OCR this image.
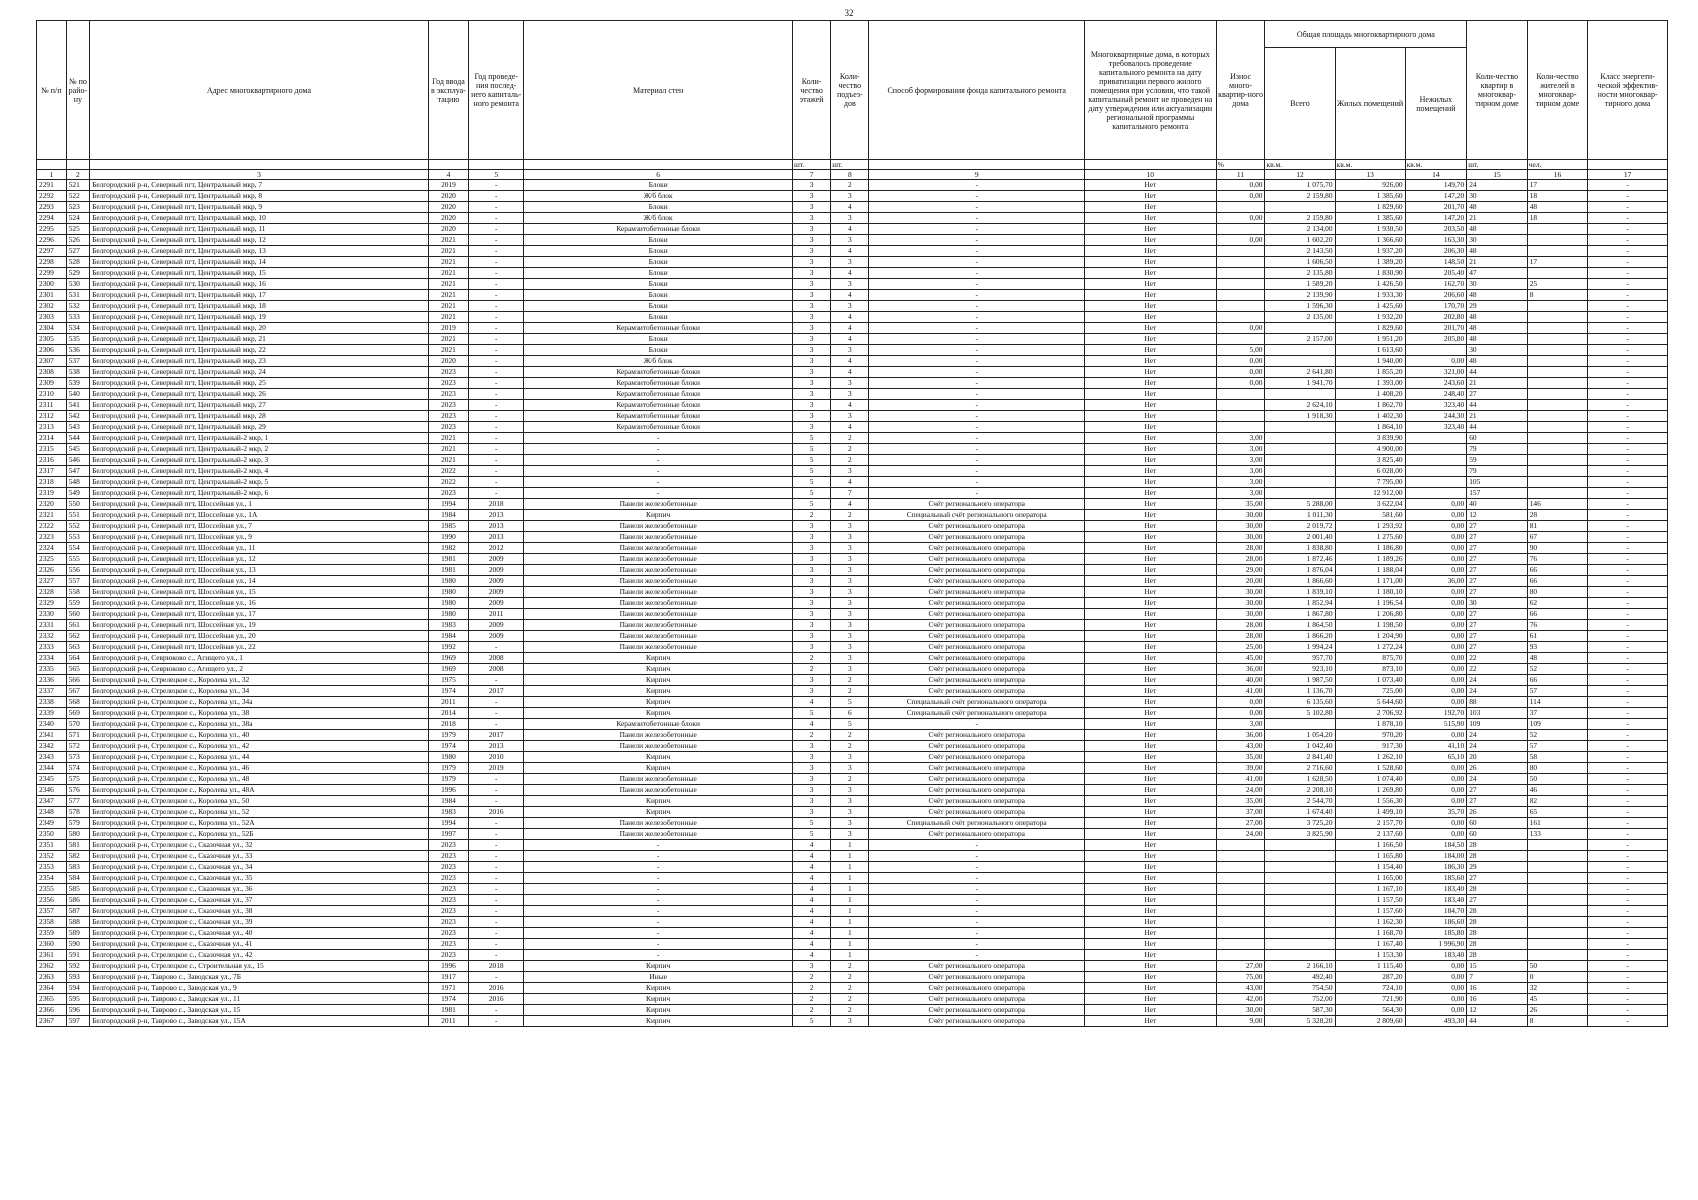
32
№ п/п	№ по райо-ну	Адрес многоквартирного дома	Год ввода в эксплуа-тацию	Год проведе-ния послед-него капиталь-ного ремонта	Материал стен	Коли-чество этажей	Коли-чество подъез-дов	Способ формирования фонда капитального ремонта	Многоквартирные дома, в которых требовалось проведение капитального ремонта на дату приватизации первого жилого помещения при условии, что такой капитальный ремонт не проведен на дату утверждения или актуализации региональной программы капитального ремонта	Износ много-квартир-ного дома	Общая площадь многоквартирного дома			Коли-чество квартир в многоквар-тирном доме	Коли-чество жителей в многоквар-тирном доме	Класс энергети-ческой эффектив-ности многоквар-тирного дома
											Всего	Жилых помещений	Нежилых помещений			
						шт.	шт.			%	кв.м.	кв.м.	кв.м.	шт.	чел.	
1	2	3	4	5	6	7	8	9	10	11	12	13	14	15	16	17
2291	521	Белгородский р-н, Северный пгт, Центральный мкр, 7	2019	-	Блоки	3	2	-	Нет	0,00	1 075,70	926,00	149,70	24	17	-
2292	522	Белгородский р-н, Северный пгт, Центральный мкр, 8	2020	-	Ж/б блок	3	3	-	Нет	0,00	2 159,80	1 385,60	147,20	30	18	-
2293	523	Белгородский р-н, Северный пгт, Центральный мкр, 9	2020	-	Блоки	3	4	-	Нет			1 829,60	201,70	48	48	-
2294	524	Белгородский р-н, Северный пгт, Центральный мкр, 10	2020	-	Ж/б блок	3	3	-	Нет	0,00	2 159,80	1 385,60	147,20	21	18	-
2295	525	Белгородский р-н, Северный пгт, Центральный мкр, 11	2020	-	Керамзитобетонные блоки	3	4	-	Нет		2 134,00	1 930,50	203,50	48		-
2296	526	Белгородский р-н, Северный пгт, Центральный мкр, 12	2021	-	Блоки	3	3	-	Нет	0,00	1 602,20	1 366,60	163,30	30		-
2297	527	Белгородский р-н, Северный пгт, Центральный мкр, 13	2021	-	Блоки	3	4	-	Нет		2 143,50	1 937,20	206,30	48		-
2298	528	Белгородский р-н, Северный пгт, Центральный мкр, 14	2021	-	Блоки	3	3	-	Нет		1 606,50	1 389,20	148,50	21	17	-
2299	529	Белгородский р-н, Северный пгт, Центральный мкр, 15	2021	-	Блоки	3	4	-	Нет		2 135,80	1 830,90	205,40	47		-
2300	530	Белгородский р-н, Северный пгт, Центральный мкр, 16	2021	-	Блоки	3	3	-	Нет		1 589,20	1 426,50	162,70	30	25	-
2301	531	Белгородский р-н, Северный пгт, Центральный мкр, 17	2021	-	Блоки	3	4	-	Нет		2 139,90	1 933,30	206,60	48	8	-
2302	532	Белгородский р-н, Северный пгт, Центральный мкр, 18	2021	-	Блоки	3	3	-	Нет		1 596,30	1 425,60	170,70	29		-
2303	533	Белгородский р-н, Северный пгт, Центральный мкр, 19	2021	-	Блоки	3	4	-	Нет		2 135,00	1 932,20	202,80	48		-
2304	534	Белгородский р-н, Северный пгт, Центральный мкр, 20	2019	-	Керамзитобетонные блоки	3	4	-	Нет	0,00		1 829,60	201,70	48		-
2305	535	Белгородский р-н, Северный пгт, Центральный мкр, 21	2021	-	Блоки	3	4	-	Нет		2 157,00	1 951,20	205,80	48		-
2306	536	Белгородский р-н, Северный пгт, Центральный мкр, 22	2021	-	Блоки	3	3	-	Нет	5,00		1 613,60		30		-
2307	537	Белгородский р-н, Северный пгт, Центральный мкр, 23	2020	-	Ж/б блок	3	4	-	Нет	0,00		1 940,00	0,00	48		-
2308	538	Белгородский р-н, Северный пгт, Центральный мкр, 24	2023	-	Керамзитобетонные блоки	3	4	-	Нет	0,00	2 641,80	1 855,20	321,00	44		-
2309	539	Белгородский р-н, Северный пгт, Центральный мкр, 25	2023	-	Керамзитобетонные блоки	3	3	-	Нет	0,00	1 941,70	1 393,00	243,60	21		-
2310	540	Белгородский р-н, Северный пгт, Центральный мкр, 26	2023	-	Керамзитобетонные блоки	3	3	-	Нет			1 408,20	248,40	27		-
2311	541	Белгородский р-н, Северный пгт, Центральный мкр, 27	2023	-	Керамзитобетонные блоки	3	4	-	Нет		2 624,10	1 862,70	323,40	44		-
2312	542	Белгородский р-н, Северный пгт, Центральный мкр, 28	2023	-	Керамзитобетонные блоки	3	3	-	Нет		1 918,30	1 402,30	244,30	21		-
2313	543	Белгородский р-н, Северный пгт, Центральный мкр, 29	2023	-	Керамзитобетонные блоки	3	4	-	Нет			1 864,10	323,40	44		-
2314	544	Белгородский р-н, Северный пгт, Центральный-2 мкр, 1	2021	-	-	5	2	-	Нет	3,00		3 839,90		60		-
2315	545	Белгородский р-н, Северный пгт, Центральный-2 мкр, 2	2021	-	-	5	2	-	Нет	3,00		4 900,00		79		-
2316	546	Белгородский р-н, Северный пгт, Центральный-2 мкр, 3	2021	-	-	5	2	-	Нет	3,00		3 825,40		59		-
2317	547	Белгородский р-н, Северный пгт, Центральный-2 мкр, 4	2022	-	-	5	3	-	Нет	3,00		6 028,00		79		-
2318	548	Белгородский р-н, Северный пгт, Центральный-2 мкр, 5	2022	-	-	5	4	-	Нет	3,00		7 795,00		105		-
2319	549	Белгородский р-н, Северный пгт, Центральный-2 мкр, 6	2023	-	-	5	7	-	Нет	3,00		12 912,00		157		-
2320	550	Белгородский р-н, Северный пгт, Шоссейная ул., 1	1994	2018	Панели железобетонные	5	4	Счёт регионального оператора	Нет	35,00	5 288,00	3 622,04	0,00	40	146	-
2321	551	Белгородский р-н, Северный пгт, Шоссейная ул., 1А	1984	2013	Кирпич	2	2	Специальный счёт регионального оператора	Нет	30,00	1 011,30	581,60	0,00	12	28	-
2322	552	Белгородский р-н, Северный пгт, Шоссейная ул., 7	1985	2013	Панели железобетонные	3	3	Счёт регионального оператора	Нет	30,00	2 019,72	1 293,92	0,00	27	81	-
2323	553	Белгородский р-н, Северный пгт, Шоссейная ул., 9	1990	2013	Панели железобетонные	3	3	Счёт регионального оператора	Нет	30,00	2 001,40	1 275,60	0,00	27	67	-
2324	554	Белгородский р-н, Северный пгт, Шоссейная ул., 11	1982	2012	Панели железобетонные	3	3	Счёт регионального оператора	Нет	28,00	1 838,80	1 186,80	0,00	27	90	-
2325	555	Белгородский р-н, Северный пгт, Шоссейная ул., 12	1981	2009	Панели железобетонные	3	3	Счёт регионального оператора	Нет	28,00	1 872,46	1 189,26	0,00	27	76	-
2326	556	Белгородский р-н, Северный пгт, Шоссейная ул., 13	1981	2009	Панели железобетонные	3	3	Счёт регионального оператора	Нет	29,00	1 876,04	1 188,04	0,00	27	66	-
2327	557	Белгородский р-н, Северный пгт, Шоссейная ул., 14	1980	2009	Панели железобетонные	3	3	Счёт регионального оператора	Нет	20,00	1 866,60	1 171,00	36,00	27	66	-
2328	558	Белгородский р-н, Северный пгт, Шоссейная ул., 15	1980	2009	Панели железобетонные	3	3	Счёт регионального оператора	Нет	30,00	1 839,10	1 180,10	0,00	27	80	-
2329	559	Белгородский р-н, Северный пгт, Шоссейная ул., 16	1980	2009	Панели железобетонные	3	3	Счёт регионального оператора	Нет	30,00	1 852,94	1 196,54	0,00	30	62	-
2330	560	Белгородский р-н, Северный пгт, Шоссейная ул., 17	1980	2011	Панели железобетонные	3	3	Счёт регионального оператора	Нет	30,00	1 867,80	1 206,80	0,00	27	66	-
2331	561	Белгородский р-н, Северный пгт, Шоссейная ул., 19	1983	2009	Панели железобетонные	3	3	Счёт регионального оператора	Нет	28,00	1 864,50	1 198,50	0,00	27	76	-
2332	562	Белгородский р-н, Северный пгт, Шоссейная ул., 20	1984	2009	Панели железобетонные	3	3	Счёт регионального оператора	Нет	28,00	1 866,20	1 204,90	0,00	27	61	-
2333	563	Белгородский р-н, Северный пгт, Шоссейная ул., 22	1992	-	Панели железобетонные	3	3	Счёт регионального оператора	Нет	25,00	1 994,24	1 272,24	0,00	27	93	-
2334	564	Белгородский р-н, Севрюково с., Агищего ул., 1	1969	2008	Кирпич	2	3	Счёт регионального оператора	Нет	45,00	957,70	875,70	0,00	22	48	-
2335	565	Белгородский р-н, Севрюково с., Агищего ул., 2	1969	2008	Кирпич	2	3	Счёт регионального оператора	Нет	36,00	923,10	873,10	0,00	22	52	-
2336	566	Белгородский р-н, Стрелецкое с., Королева ул., 32	1975	-	Кирпич	3	2	Счёт регионального оператора	Нет	40,00	1 987,50	1 073,40	0,00	24	66	-
2337	567	Белгородский р-н, Стрелецкое с., Королева ул., 34	1974	2017	Кирпич	3	2	Счёт регионального оператора	Нет	41,00	1 136,70	725,00	0,00	24	57	-
2338	568	Белгородский р-н, Стрелецкое с., Королева ул., 34а	2011	-	Кирпич	4	5	Специальный счёт регионального оператора	Нет	0,00	6 135,60	5 644,60	0,00	88	114	-
2339	569	Белгородский р-н, Стрелецкое с., Королева ул., 38	2014	-	Кирпич	5	6	Специальный счёт регионального оператора	Нет	0,00	5 102,80	2 706,92	192,70	103	37	-
2340	570	Белгородский р-н, Стрелецкое с., Королева ул., 38а	2018	-	Керамзитобетонные блоки	4	5	-	Нет	3,00		1 878,10	515,90	109	109	-
2341	571	Белгородский р-н, Стрелецкое с., Королева ул., 40	1979	2017	Панели железобетонные	2	2	Счёт регионального оператора	Нет	36,00	1 054,20	970,20	0,00	24	52	-
2342	572	Белгородский р-н, Стрелецкое с., Королева ул., 42	1974	2013	Панели железобетонные	3	2	Счёт регионального оператора	Нет	43,00	1 042,40	917,30	41,10	24	57	-
2343	573	Белгородский р-н, Стрелецкое с., Королева ул., 44	1980	2010	Кирпич	3	3	Счёт регионального оператора	Нет	35,00	2 841,40	1 262,10	65,10	20	58	-
2344	574	Белгородский р-н, Стрелецкое с., Королева ул., 46	1979	2019	Кирпич	3	3	Счёт регионального оператора	Нет	39,00	2 716,60	1 528,60	0,00	26	80	-
2345	575	Белгородский р-н, Стрелецкое с., Королева ул., 48	1979	-	Панели железобетонные	3	2	Счёт регионального оператора	Нет	41,00	1 628,50	1 074,40	0,00	24	50	-
2346	576	Белгородский р-н, Стрелецкое с., Королева ул., 48А	1996	-	Панели железобетонные	3	3	Счёт регионального оператора	Нет	24,00	2 208,10	1 269,80	0,00	27	46	-
2347	577	Белгородский р-н, Стрелецкое с., Королева ул., 50	1984	-	Кирпич	3	3	Счёт регионального оператора	Нет	35,00	2 544,70	1 556,30	0,00	27	82	-
2348	578	Белгородский р-н, Стрелецкое с., Королева ул., 52	1983	2016	Кирпич	3	3	Счёт регионального оператора	Нет	37,00	1 674,40	1 499,10	35,70	26	65	-
2349	579	Белгородский р-н, Стрелецкое с., Королева ул., 52А	1994	-	Панели железобетонные	5	3	Специальный счёт регионального оператора	Нет	27,00	3 725,20	2 157,70	0,00	60	161	-
2350	580	Белгородский р-н, Стрелецкое с., Королева ул., 52Б	1997	-	Панели железобетонные	5	3	Счёт регионального оператора	Нет	24,00	3 825,90	2 137,60	0,00	60	133	-
2351	581	Белгородский р-н, Стрелецкое с., Сказочная ул., 32	2023	-	-	4	1	-	Нет			1 166,50	184,50	28		-
2352	582	Белгородский р-н, Стрелецкое с., Сказочная ул., 33	2023	-	-	4	1	-	Нет			1 165,80	184,00	28		-
2353	583	Белгородский р-н, Стрелецкое с., Сказочная ул., 34	2023	-	-	4	1	-	Нет			1 154,40	186,30	29		-
2354	584	Белгородский р-н, Стрелецкое с., Сказочная ул., 35	2023	-	-	4	1	-	Нет			1 165,00	185,60	27		-
2355	585	Белгородский р-н, Стрелецкое с., Сказочная ул., 36	2023	-	-	4	1	-	Нет			1 167,10	183,40	28		-
2356	586	Белгородский р-н, Стрелецкое с., Сказочная ул., 37	2023	-	-	4	1	-	Нет			1 157,50	183,40	27		-
2357	587	Белгородский р-н, Стрелецкое с., Сказочная ул., 38	2023	-	-	4	1	-	Нет			1 157,60	184,70	28		-
2358	588	Белгородский р-н, Стрелецкое с., Сказочная ул., 39	2023	-	-	4	1	-	Нет			1 162,30	186,60	28		-
2359	589	Белгородский р-н, Стрелецкое с., Сказочная ул., 40	2023	-	-	4	1	-	Нет			1 168,70	185,80	28		-
2360	590	Белгородский р-н, Стрелецкое с., Сказочная ул., 41	2023	-	-	4	1	-	Нет			1 167,40	1 996,90	28		-
2361	591	Белгородский р-н, Стрелецкое с., Сказочная ул., 42	2023	-	-	4	1	-	Нет			1 153,30	183,40	28		-
2362	592	Белгородский р-н, Стрелецкое с., Строительная ул., 15	1996	2018	Кирпич	3	2	Счёт регионального оператора	Нет	27,00	2 166,10	1 115,40	0,00	15	50	-
2363	593	Белгородский р-н, Таврово с., Заводская ул., 7Б	1917	-	Иные	2	2	Счёт регионального оператора	Нет	75,00	492,40	287,20	0,00	7	0	-
2364	594	Белгородский р-н, Таврово с., Заводская ул., 9	1971	2016	Кирпич	2	2	Счёт регионального оператора	Нет	43,00	754,50	724,10	0,00	16	32	-
2365	595	Белгородский р-н, Таврово с., Заводская ул., 11	1974	2016	Кирпич	2	2	Счёт регионального оператора	Нет	42,00	752,00	721,90	0,00	16	45	-
2366	596	Белгородский р-н, Таврово с., Заводская ул., 15	1981	-	Кирпич	2	2	Счёт регионального оператора	Нет	30,00	587,30	564,30	0,00	12	26	-
2367	597	Белгородский р-н, Таврово с., Заводская ул., 15А	2011	-	Кирпич	5	3	Счёт регионального оператора	Нет	9,00	5 328,20	2 809,60	493,30	44	8	-
